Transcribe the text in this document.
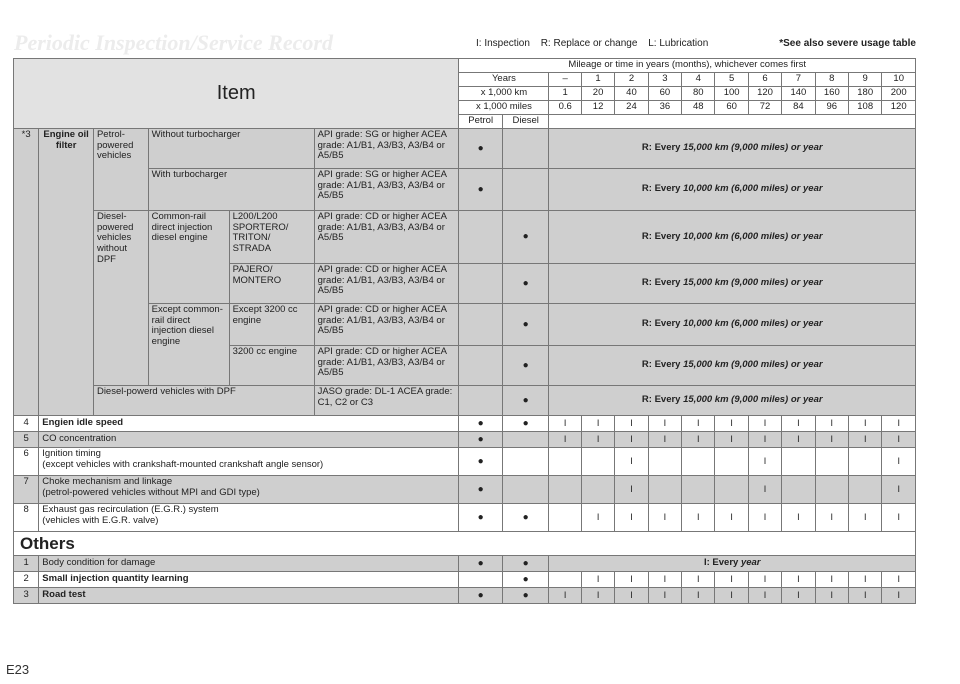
Periodic Inspection/Service Record	I: Inspection R: Replace or change L: Lubrication	*See also severe usage table
Item						Mileage or time in years (months), whichever comes first												
						Years		–	1	2	3	4	5	6	7	8	9	10
						x 1,000 km		1	20	40	60	80	100	120	140	160	180	200
						x 1,000 miles		0.6	12	24	36	48	60	72	84	96	108	120
						Petrol	Diesel											
*3	Engine oil filter	Petrol-powered vehicles	Without turbocharger		API grade: SG or higher ACEA grade: A1/B1, A3/B3, A3/B4 or A5/B5	●		R: Every 15,000 km (9,000 miles) or year										
			With turbocharger		API grade: SG or higher ACEA grade: A1/B1, A3/B3, A3/B4 or A5/B5	●		R: Every 10,000 km (6,000 miles) or year										
		Diesel-powered vehicles without DPF	Common-rail direct injection diesel engine	L200/L200 SPORTERO/ TRITON/ STRADA	API grade: CD or higher ACEA grade: A1/B1, A3/B3, A3/B4 or A5/B5		●	R: Every 10,000 km (6,000 miles) or year										
				PAJERO/ MONTERO	API grade: CD or higher ACEA grade: A1/B1, A3/B3, A3/B4 or A5/B5		●	R: Every 15,000 km (9,000 miles) or year										
			Except common-rail direct injection diesel engine	Except 3200 cc engine	API grade: CD or higher ACEA grade: A1/B1, A3/B3, A3/B4 or A5/B5		●	R: Every 10,000 km (6,000 miles) or year										
				3200 cc engine	API grade: CD or higher ACEA grade: A1/B1, A3/B3, A3/B4 or A5/B5		●	R: Every 15,000 km (9,000 miles) or year										
		Diesel-powerd vehicles with DPF			JASO grade: DL-1 ACEA grade: C1, C2 or C3		●	R: Every 15,000 km (9,000 miles) or year										
4	Engien idle speed					●	●	I	I	I	I	I	I	I	I	I	I	I
5	CO concentration					●		I	I	I	I	I	I	I	I	I	I	I
6	Ignition timing
(except vehicles with crankshaft-mounted crankshaft angle sensor)					●				I				I				I
7	Choke mechanism and linkage
(petrol-powered vehicles without MPI and GDI type)					●				I				I				I
8	Exhaust gas recirculation (E.G.R.) system
(vehicles with E.G.R. valve)					●	●		I	I	I	I	I	I	I	I	I	I
Others																		
1	Body condition for damage					●	●	I: Every year										
2	Small injection quantity learning						●		I	I	I	I	I	I	I	I	I	I
3	Road test					●	●	I	I	I	I	I	I	I	I	I	I	I
E23
